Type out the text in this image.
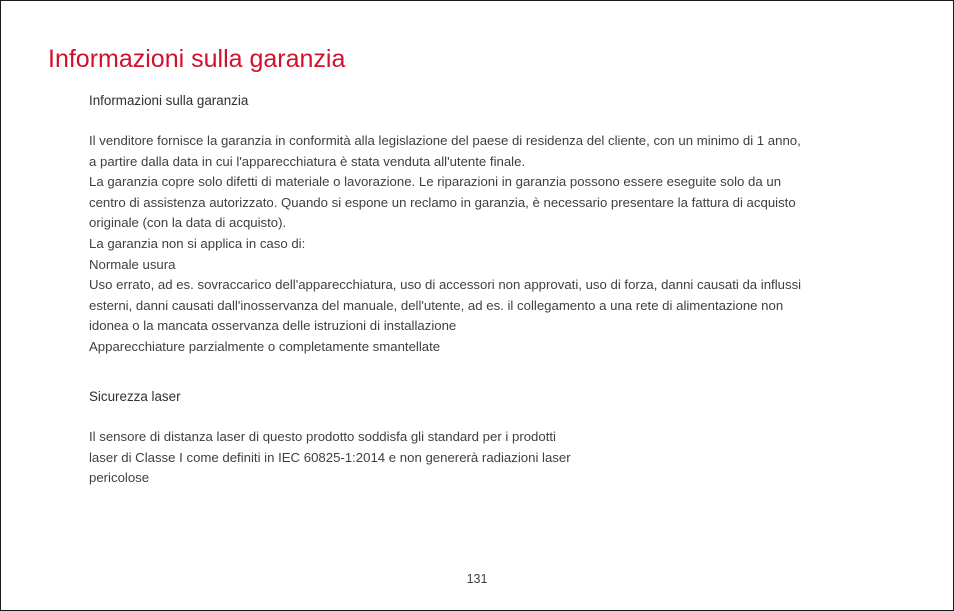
Informazioni sulla garanzia
Informazioni sulla garanzia

Il venditore fornisce la garanzia in conformità alla legislazione del paese di residenza del cliente, con un minimo di 1 anno,

a partire dalla data in cui l'apparecchiatura è stata venduta all'utente finale.

La garanzia copre solo difetti di materiale o lavorazione. Le riparazioni in garanzia possono essere eseguite solo da un

centro di assistenza autorizzato. Quando si espone un reclamo in garanzia, è necessario presentare la fattura di acquisto

originale (con la data di acquisto).

La garanzia non si applica in caso di:

Normale usura

Uso errato, ad es. sovraccarico dell'apparecchiatura, uso di accessori non approvati, uso di forza, danni causati da influssi

esterni, danni causati dall'inosservanza del manuale, dell'utente, ad es. il collegamento a una rete di alimentazione non

idonea o la mancata osservanza delle istruzioni di installazione

Apparecchiature parzialmente o completamente smantellate

Sicurezza laser

Il sensore di distanza laser di questo prodotto soddisfa gli standard per i prodotti

laser di Classe I come definiti in IEC 60825-1:2014 e non genererà radiazioni laser

pericolose

131
